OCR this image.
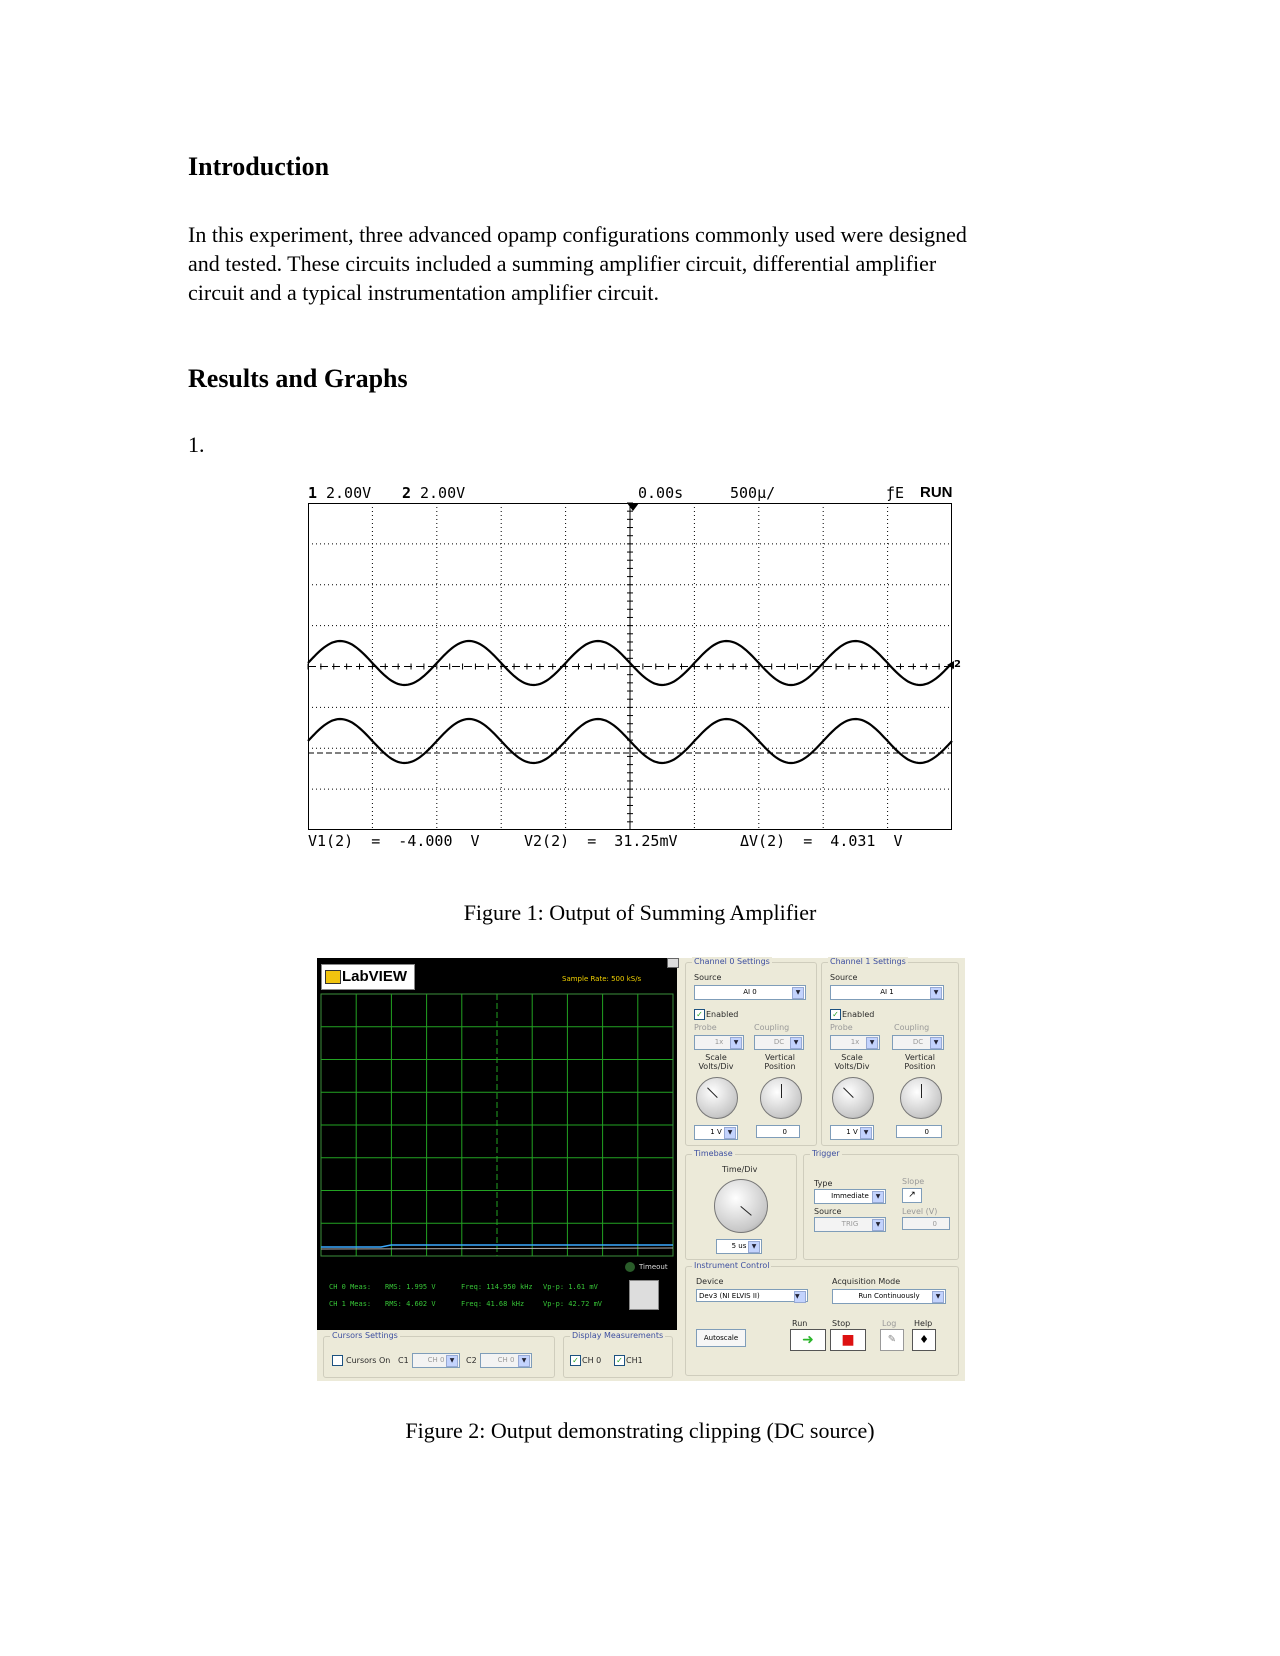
Introduction

In this experiment, three advanced opamp configurations commonly used were designed

and tested. These circuits included a summing amplifier circuit, differential amplifier

circuit and a typical instrumentation amplifier circuit.

Results and Graphs

1.

1 2.00V 2 2.00V	0.00s	500µ/	ƒE RUN
2
V1(2)  =  -4.000  V	V2(2)  =  31.25mV	ΔV(2)  =  4.031  V
Figure 1: Output of Summing Amplifier
LabVIEW	Sample Rate: 500 kS/s
Timeout
CH 0 Meas: RMS: 1.995 V	Freq: 114.950 kHz Vp-p: 1.61 mV
CH 1 Meas: RMS: 4.602 V	Freq: 41.68 kHz	Vp-p: 42.72 mV
Cursors Settings
Cursors On C1	CH 0 ▼	C2	CH 0	▼
Display Measurements
✓ CH 0 ✓ CH1
Channel 0 Settings
Source
AI 0	▼
✓ Enabled
Probe	Coupling
1x	▼	DC	▼
Scale Volts/Div
Vertical Position
1 V ▼	0
Channel 1 Settings
Source
AI 1	▼
✓ Enabled
Probe	Coupling
1x	▼	DC	▼
Scale Volts/Div
Vertical Position
1 V ▼	0
Timebase
Time/Div
5 us ▼
Trigger
Type
Immediate	▼
Slope
↗
Source
TRIG	▼
Level (V)
0
Instrument Control
Device
Dev3 (NI ELVIS II)	▼
Acquisition Mode
Run Continuously	▼
Autoscale
Run
➜
Stop
■
Log
✎
Help
♦
Figure 2: Output demonstrating clipping (DC source)
